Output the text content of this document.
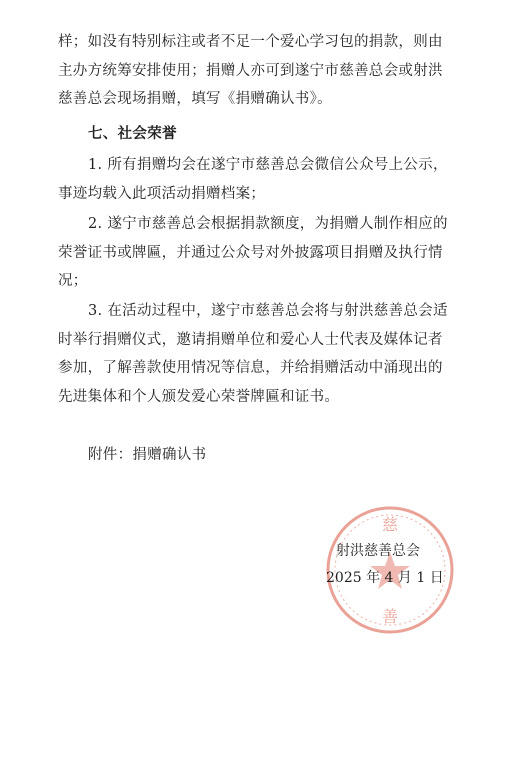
样；如没有特别标注或者不足一个爱心学习包的捐款，则由
主办方统筹安排使用；捐赠人亦可到遂宁市慈善总会或射洪
慈善总会现场捐赠，填写《捐赠确认书》。
七、社会荣誉
1. 所有捐赠均会在遂宁市慈善总会微信公众号上公示，
事迹均载入此项活动捐赠档案；
2. 遂宁市慈善总会根据捐款额度，为捐赠人制作相应的
荣誉证书或牌匾，并通过公众号对外披露项目捐赠及执行情
况；
3. 在活动过程中，遂宁市慈善总会将与射洪慈善总会适
时举行捐赠仪式，邀请捐赠单位和爱心人士代表及媒体记者
参加，了解善款使用情况等信息，并给捐赠活动中涌现出的
先进集体和个人颁发爱心荣誉牌匾和证书。
附件：捐赠确认书
慈
善
射洪慈善总会
2025 年 4 月 1 日
